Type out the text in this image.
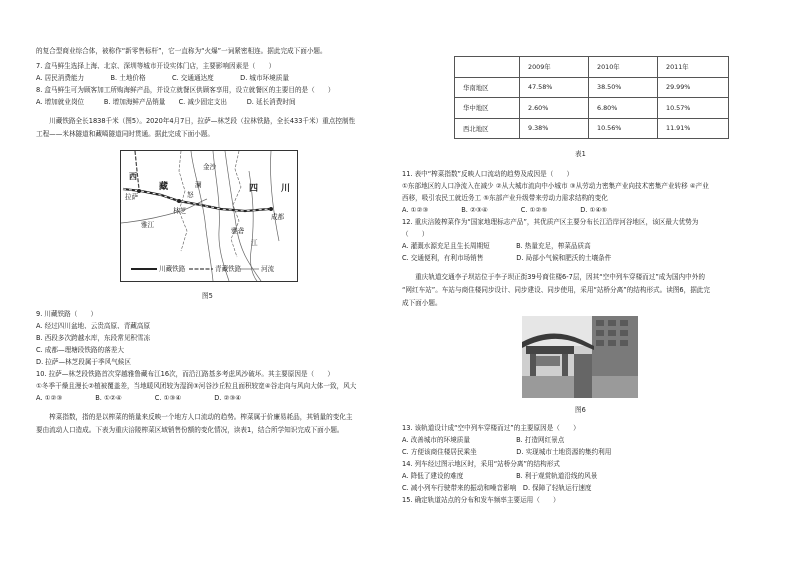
的复合型商业综合体，被称作“新零售标杆”，它一直称为“火爆”一词紧密相连。据此完成下面小题。
7. 盒马鲜生选择上海、北京、深圳等城市开设实体门店，主要影响因素是（　　）
A. 居民消费能力　　　　B. 土地价格　　　　C. 交通通达度　　　　D. 城市环境质量
8. 盒马鲜生可为顾客加工所购海鲜产品，并设立就餐区供顾客享用，设立就餐区的主要目的是（　　）
A. 增加就业岗位　　　B. 增加海鲜产品销量　　C. 减少固定支出　　　D. 延长消费时间
　　川藏铁路全长1838千米（图5）。2020年4月7日，拉萨—林芝段（拉林铁路，全长433千米）重点控制性
工程——米林隧道和藏噶隧道同时贯通。据此完成下面小题。
西
藏
拉萨
林芝
四	川
成都
金沙
澜
怒
雅江
雅砻
江
川藏铁路	青藏铁路	河流
图5
9. 川藏铁路（　　）
A. 经过四川盆地、云贵高原、青藏高原
B. 西段多次跨越水库，东段常见积雪冻
C. 成都—理塘段铁路的落差大
D. 拉萨—林芝段属于季风气候区
10. 拉萨—林芝段铁路首次穿越雅鲁藏布江16次，而沿江路基多考虑风沙破坏。其主要原因是（　　）
①冬季干燥且漫长②植被覆盖差，当地暖风团较为湿润③河谷沙丘粒且面积较宽④谷走向与风向大体一致，风大
A. ①②③　　　　　B. ①②④　　　　　C. ①③④　　　　　D. ②③④
　　榨菜指数，指的是以榨菜的销量来反映一个地方人口流动的趋势。榨菜属于价廉易耗品，其销量的变化主
要由流动人口造成。下表为重庆涪陵榨菜区域销售份额的变化情况，读表1，结合所学知识完成下面小题。
	2009年	2010年	2011年
华南地区	47.58%	38.50%	29.99%
华中地区	2.60%	6.80%	10.57%
西北地区	9.38%	10.56%	11.91%
表1
11. 表中“榨菜指数”反映人口流动的趋势及成因是（　　）
①东部地区的人口净流入在减少 ②从大城市流向中小城市 ③从劳动力密集产业向技术密集产业转移 ④产业
西移，吸引农民工就近务工 ⑤东部产业升级带来劳动力需求结构的变化
A. ①②③　　　　　B. ②③④　　　　　C. ①②⑤　　　　　D. ①④⑤
12. 重庆涪陵榨菜作为“国家地理标志产品”，其优质产区主要分布长江沿岸河谷地区，该区最大优势为
（　　）
A. 灌溉水源充足且生长周期短　　　　B. 热量充足，榨菜品质高
C. 交通便利，有利市场销售　　　　　D. 局部小气候和肥沃的土壤条件
　　重庆轨道交通李子坝站位于李子坝正街39号商住楼6-7层，因其“空中列车穿楼而过”成为国内中外的
“网红车站”。车站与商住楼同步设计、同步建设、同步使用，采用“站桥分离”的结构形式。读图6，据此完
成下面小题。
图6
13. 该轨道设计成“空中列车穿楼而过”的主要原因是（　　）
A. 改善城市的环境质量　　　　　　　B. 打造网红景点
C. 方便该商住楼居民乘坐　　　　　　D. 实现城市土地资源的集约利用
14. 列车经过图示地区时，采用“站桥分离”的结构形式
A. 降低了建设的难度　　　　　　　　B. 利于观赏轨道沿线的风景
C. 减小列车行驶带来的振动和噪音影响　D. 保障了轻轨运行速度
15. 确定轨道站点的分布和发车频率主要运用（　　）
